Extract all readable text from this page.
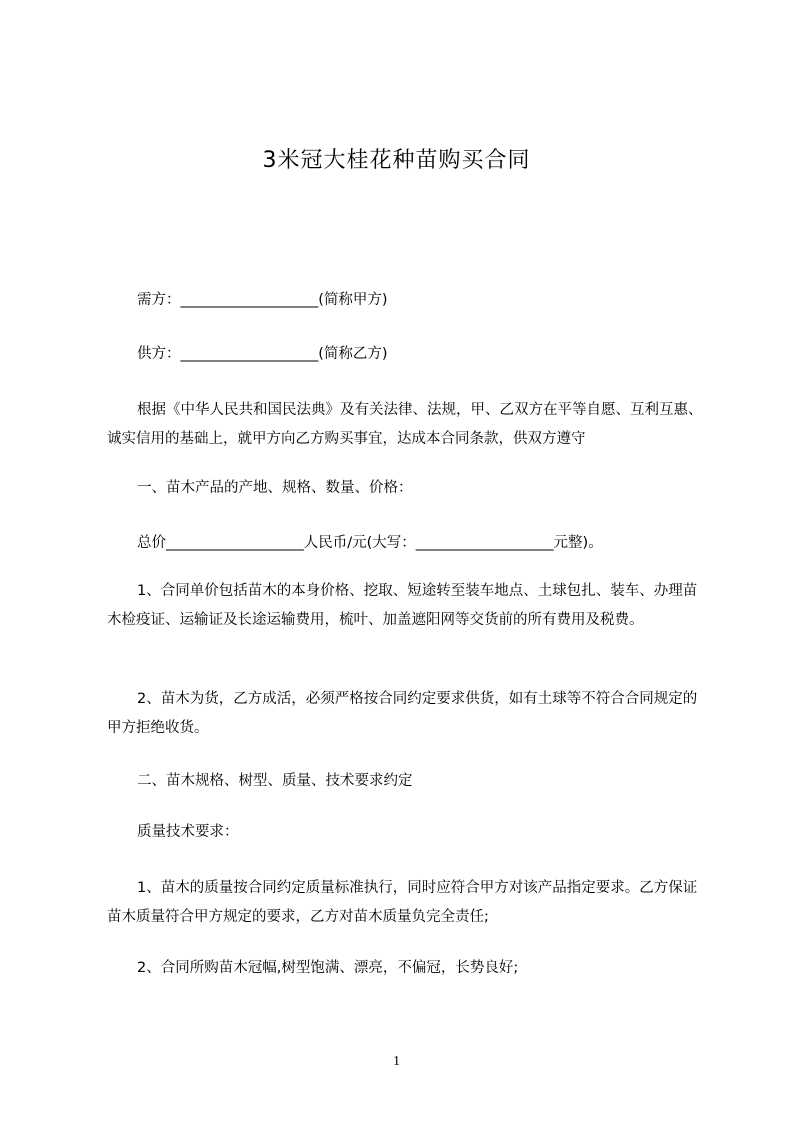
3米冠大桂花种苗购买合同
需方：___________________(简称甲方)
供方：___________________(简称乙方)
根据《中华人民共和国民法典》及有关法律、法规，甲、乙双方在平等自愿、互利互惠、诚实信用的基础上，就甲方向乙方购买事宜，达成本合同条款，供双方遵守
一、苗木产品的产地、规格、数量、价格：
总价___________________人民币/元(大写：___________________元整)。
1、合同单价包括苗木的本身价格、挖取、短途转至装车地点、土球包扎、装车、办理苗木检疫证、运输证及长途运输费用，梳叶、加盖遮阳网等交货前的所有费用及税费。
2、苗木为货，乙方成活，必须严格按合同约定要求供货，如有土球等不符合合同规定的甲方拒绝收货。
二、苗木规格、树型、质量、技术要求约定
质量技术要求：
1、苗木的质量按合同约定质量标准执行，同时应符合甲方对该产品指定要求。乙方保证苗木质量符合甲方规定的要求，乙方对苗木质量负完全责任;
2、合同所购苗木冠幅,树型饱满、漂亮，不偏冠，长势良好;
1
